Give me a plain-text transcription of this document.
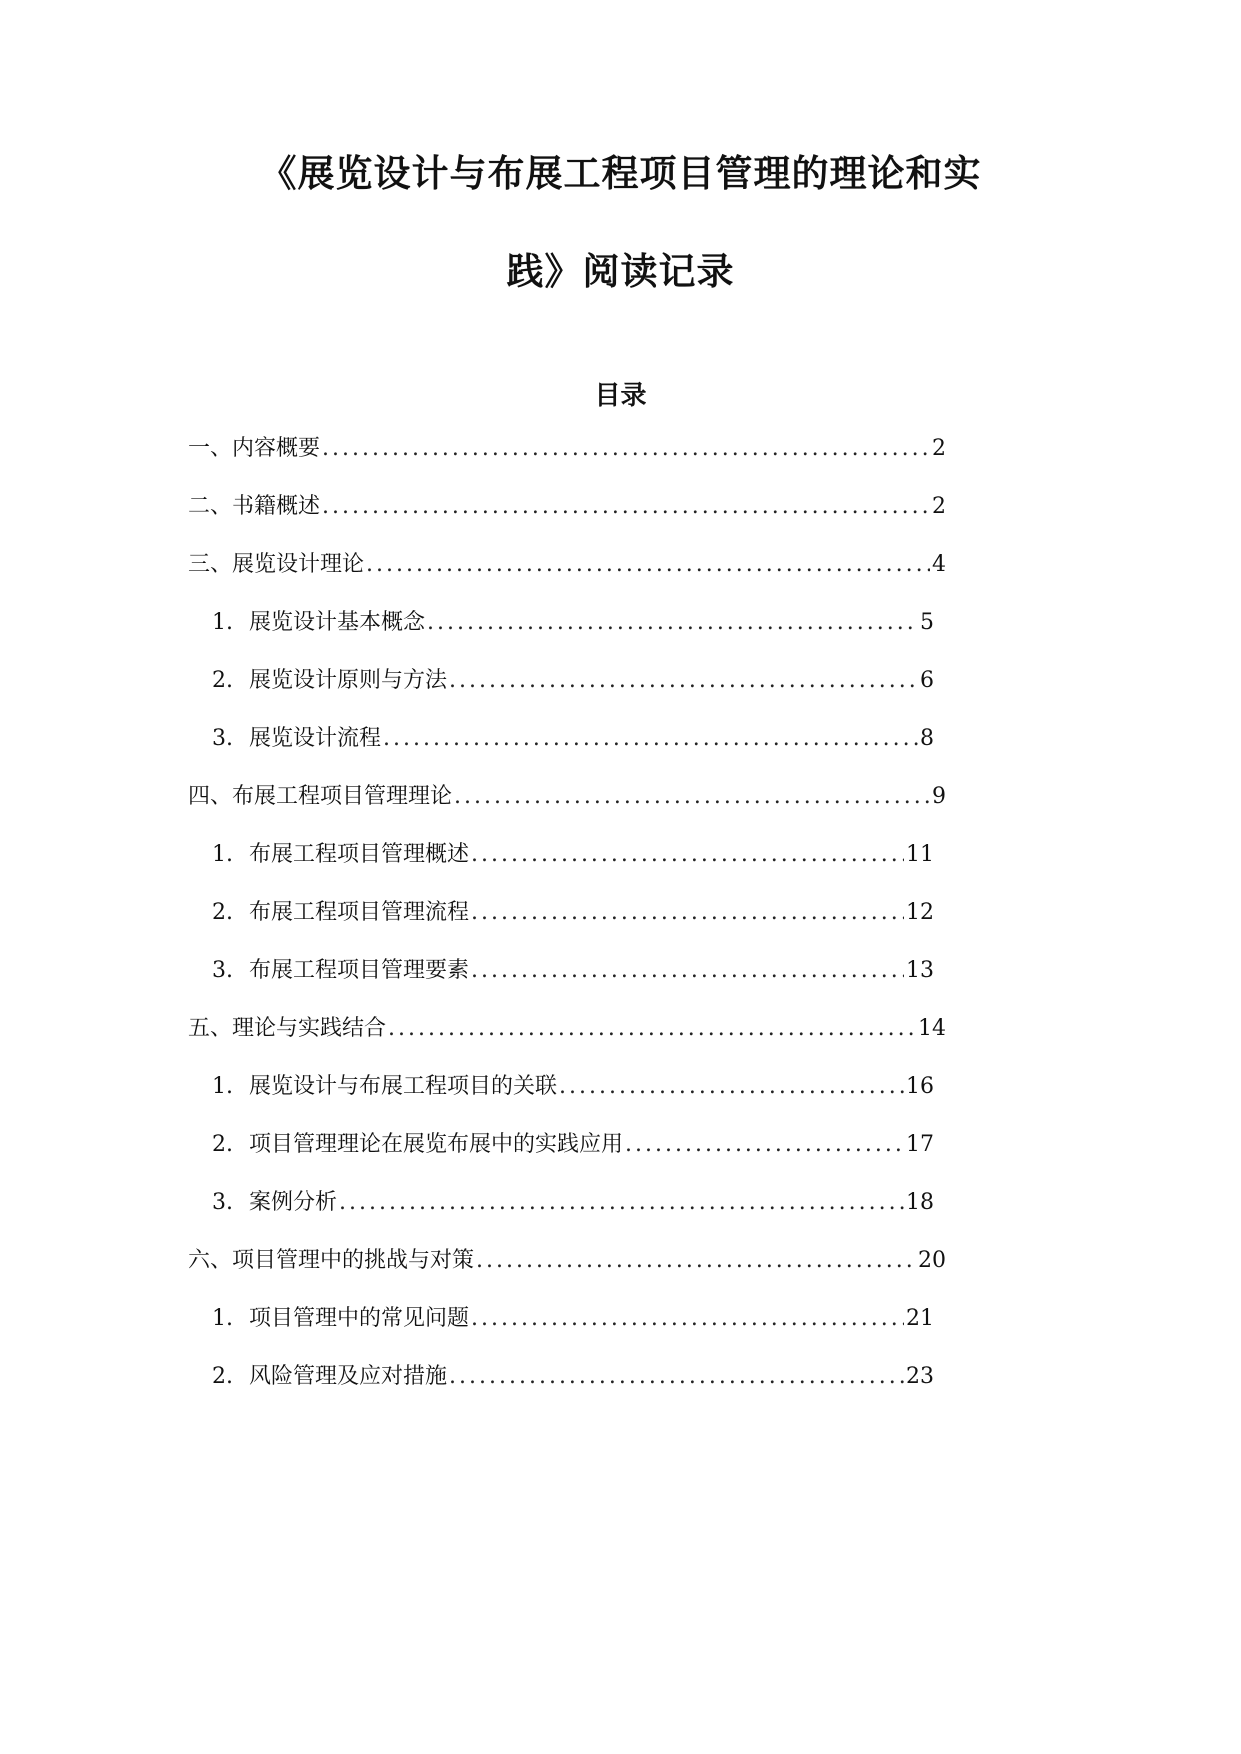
《展览设计与布展工程项目管理的理论和实
践》阅读记录
目录
一、内容概要 .....	2
二、书籍概述 .....	2
三、展览设计理论 .....	4
1. 展览设计基本概念 .....	5
2. 展览设计原则与方法 .....	6
3. 展览设计流程 .....	8
四、布展工程项目管理理论 .....	9
1. 布展工程项目管理概述 .....	11
2. 布展工程项目管理流程 .....	12
3. 布展工程项目管理要素 .....	13
五、理论与实践结合 .....	14
1. 展览设计与布展工程项目的关联 .....	16
2. 项目管理理论在展览布展中的实践应用 .....	17
3. 案例分析 .....	18
六、项目管理中的挑战与对策 .....	20
1. 项目管理中的常见问题 .....	21
2. 风险管理及应对措施 .....	23
